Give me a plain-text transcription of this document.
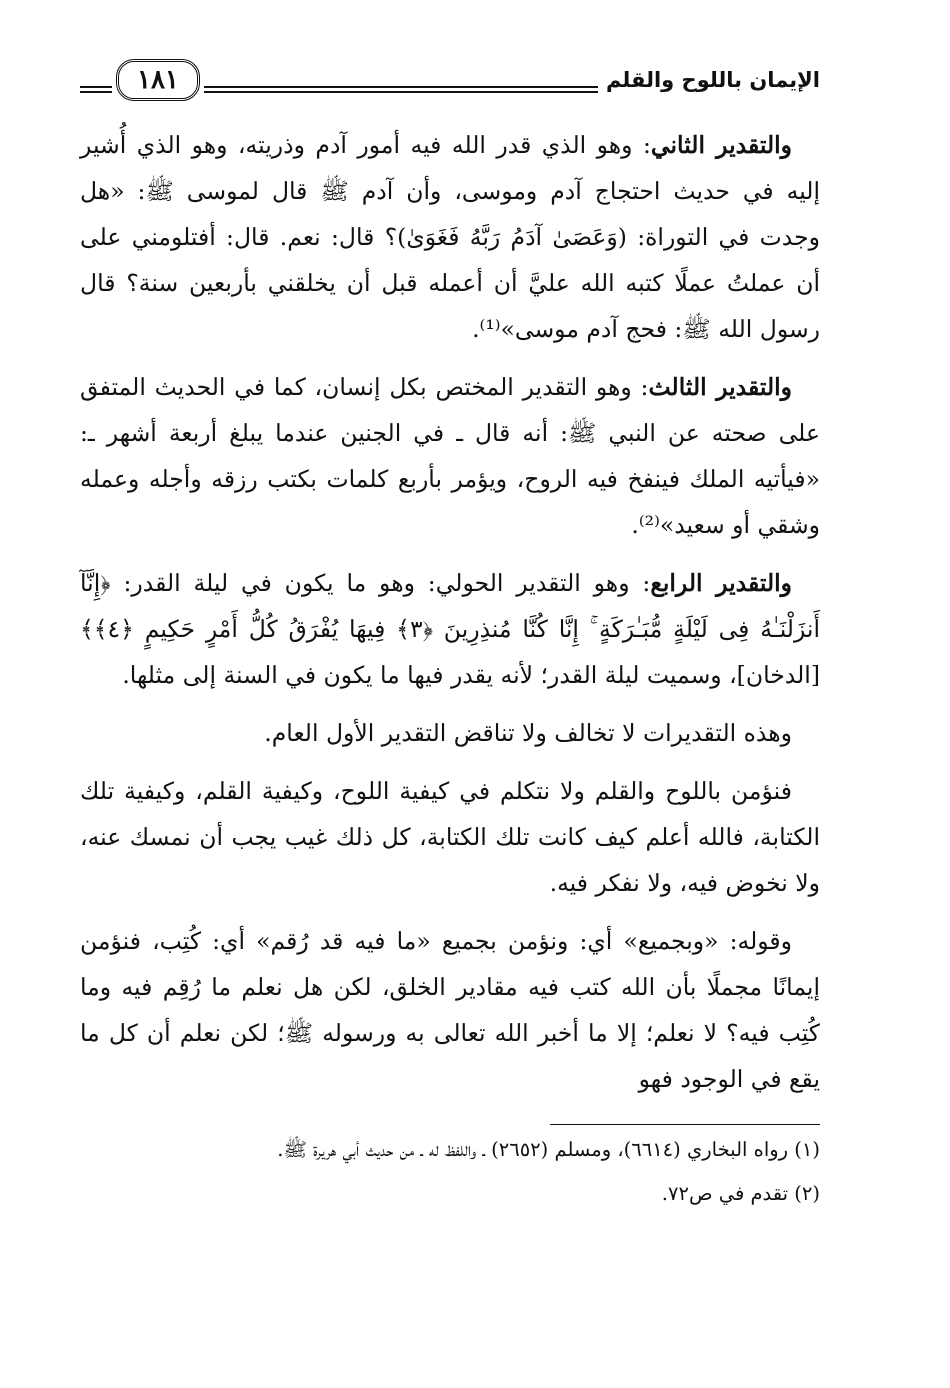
الإيمان باللوح والقلم
١٨١

والتقدير الثاني: وهو الذي قدر الله فيه أمور آدم وذريته، وهو الذي أُشير إليه في حديث احتجاج آدم وموسى، وأن آدم ﷺ قال لموسى ﷺ: «هل وجدت في التوراة: (وَعَصَىٰ آدَمُ رَبَّهُ فَغَوَىٰ)؟ قال: نعم. قال: أفتلومني على أن عملتُ عملًا كتبه الله عليَّ أن أعمله قبل أن يخلقني بأربعين سنة؟ قال رسول الله ﷺ: فحج آدم موسى»⁽¹⁾.

والتقدير الثالث: وهو التقدير المختص بكل إنسان، كما في الحديث المتفق على صحته عن النبي ﷺ: أنه قال ـ في الجنين عندما يبلغ أربعة أشهر ـ: «فيأتيه الملك فينفخ فيه الروح، ويؤمر بأربع كلمات بكتب رزقه وأجله وعمله وشقي أو سعيد»⁽²⁾.

والتقدير الرابع: وهو التقدير الحولي: وهو ما يكون في ليلة القدر: ﴿إِنَّآ أَنزَلْنَـٰهُ فِى لَيْلَةٍ مُّبَـٰرَكَةٍ ۚ إِنَّا كُنَّا مُنذِرِينَ ﴿٣﴾ فِيهَا يُفْرَقُ كُلُّ أَمْرٍ حَكِيمٍ ﴿٤﴾﴾ [الدخان]، وسميت ليلة القدر؛ لأنه يقدر فيها ما يكون في السنة إلى مثلها.

وهذه التقديرات لا تخالف ولا تناقض التقدير الأول العام.

فنؤمن باللوح والقلم ولا نتكلم في كيفية اللوح، وكيفية القلم، وكيفية تلك الكتابة، فالله أعلم كيف كانت تلك الكتابة، كل ذلك غيب يجب أن نمسك عنه، ولا نخوض فيه، ولا نفكر فيه.

وقوله: «وبجميع» أي: ونؤمن بجميع «ما فيه قد رُقم» أي: كُتِب، فنؤمن إيمانًا مجملًا بأن الله كتب فيه مقادير الخلق، لكن هل نعلم ما رُقِم فيه وما كُتِب فيه؟ لا نعلم؛ إلا ما أخبر الله تعالى به ورسوله ﷺ؛ لكن نعلم أن كل ما يقع في الوجود فهو

(١) رواه البخاري (٦٦١٤)، ومسلم (٢٦٥٢) ـ واللفظ له ـ من حديث أبي هريرة ﷺ.

(٢) تقدم في ص٧٢.
